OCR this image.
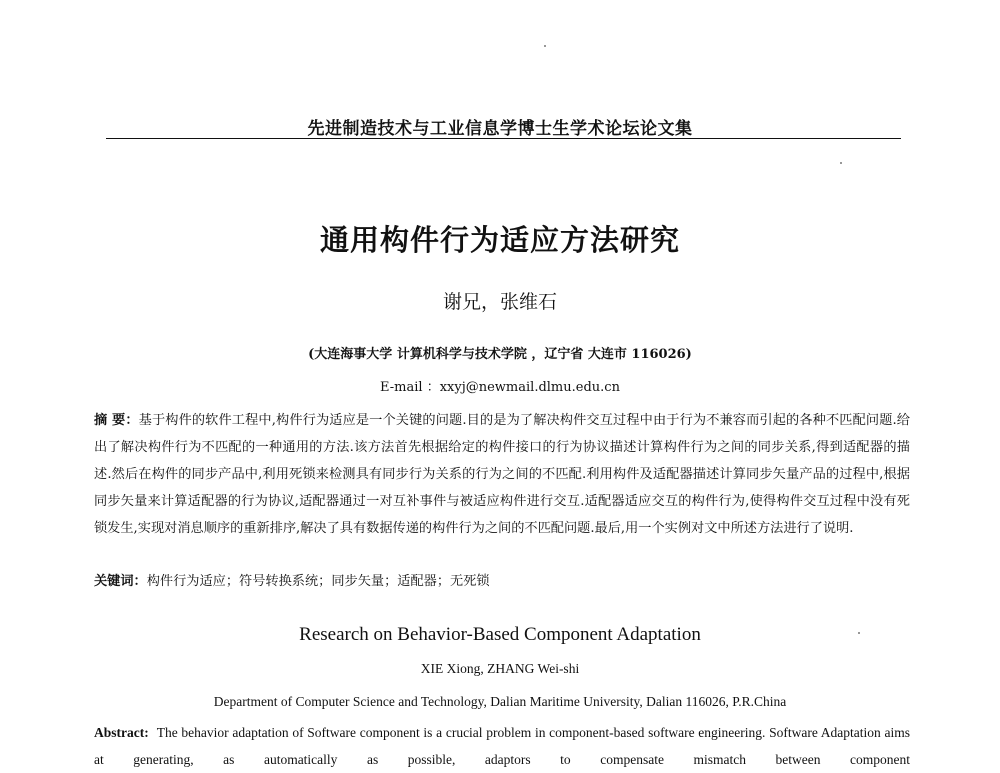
先进制造技术与工业信息学博士生学术论坛论文集
通用构件行为适应方法研究
谢兄，张维石
(大连海事大学 计算机科学与技术学院 ，辽宁省 大连市 116026)
E-mail ：xxyj@newmail.dlmu.edu.cn
摘 要：基于构件的软件工程中,构件行为适应是一个关键的问题.目的是为了解决构件交互过程中由于行为不兼容而引起的各种不匹配问题.给出了解决构件行为不匹配的一种通用的方法.该方法首先根据给定的构件接口的行为协议描述计算构件行为之间的同步关系,得到适配器的描述.然后在构件的同步产品中,利用死锁来检测具有同步行为关系的行为之间的不匹配.利用构件及适配器描述计算同步矢量产品的过程中,根据同步矢量来计算适配器的行为协议,适配器通过一对互补事件与被适应构件进行交互.适配器适应交互的构件行为,使得构件交互过程中没有死锁发生,实现对消息顺序的重新排序,解决了具有数据传递的构件行为之间的不匹配问题.最后,用一个实例对文中所述方法进行了说明.
关键词：构件行为适应；符号转换系统；同步矢量；适配器；无死锁
Research on Behavior-Based Component Adaptation
XIE Xiong, ZHANG Wei-shi
Department of Computer Science and Technology, Dalian Maritime University, Dalian 116026, P.R.China
Abstract: The behavior adaptation of Software component is a crucial problem in component-based software engineering. Software Adaptation aims at generating, as automatically as possible, adaptors to compensate mismatch between component
